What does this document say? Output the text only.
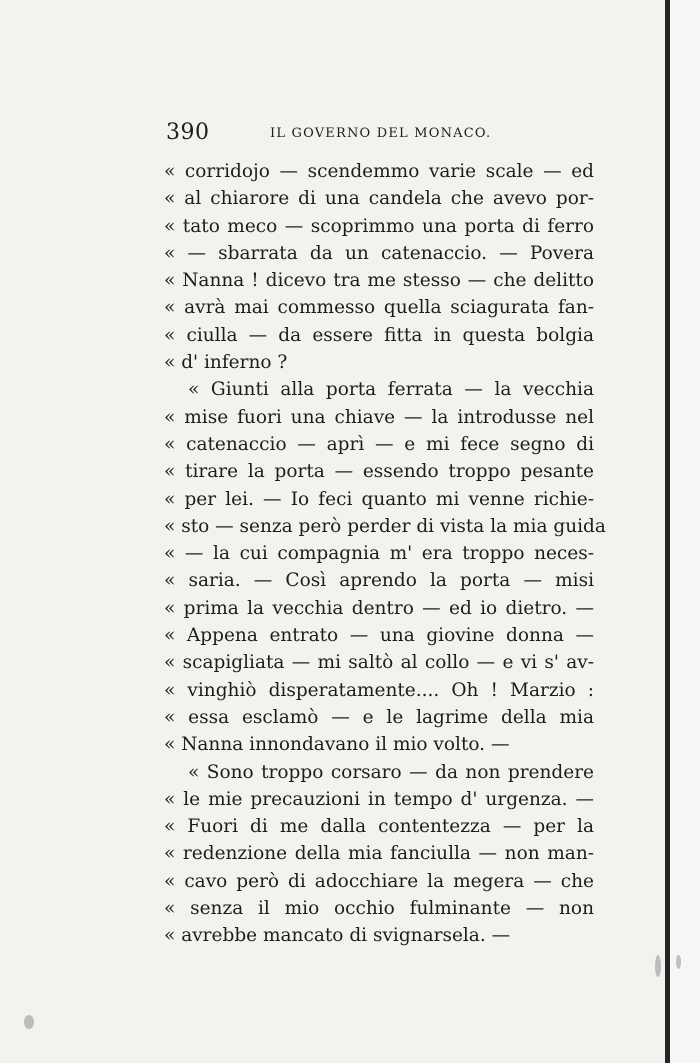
390	IL GOVERNO DEL MONACO.
« corridojo — scendemmo varie scale — ed
« al chiarore di una candela che avevo por-
« tato meco — scoprimmo una porta di ferro
« — sbarrata da un catenaccio. — Povera
« Nanna ! dicevo tra me stesso — che delitto
« avrà mai commesso quella sciagurata fan-
« ciulla — da essere fitta in questa bolgia
« d' inferno ?
« Giunti alla porta ferrata — la vecchia
« mise fuori una chiave — la introdusse nel
« catenaccio — aprì — e mi fece segno di
« tirare la porta — essendo troppo pesante
« per lei. — Io feci quanto mi venne richie-
« sto — senza però perder di vista la mia guida
« — la cui compagnia m' era troppo neces-
« saria. — Così aprendo la porta — misi
« prima la vecchia dentro — ed io dietro. —
« Appena entrato — una giovine donna —
« scapigliata — mi saltò al collo — e vi s' av-
« vinghiò disperatamente.... Oh ! Marzio :
« essa esclamò — e le lagrime della mia
« Nanna innondavano il mio volto. —
« Sono troppo corsaro — da non prendere
« le mie precauzioni in tempo d' urgenza. —
« Fuori di me dalla contentezza — per la
« redenzione della mia fanciulla — non man-
« cavo però di adocchiare la megera — che
« senza il mio occhio fulminante — non
« avrebbe mancato di svignarsela. —
